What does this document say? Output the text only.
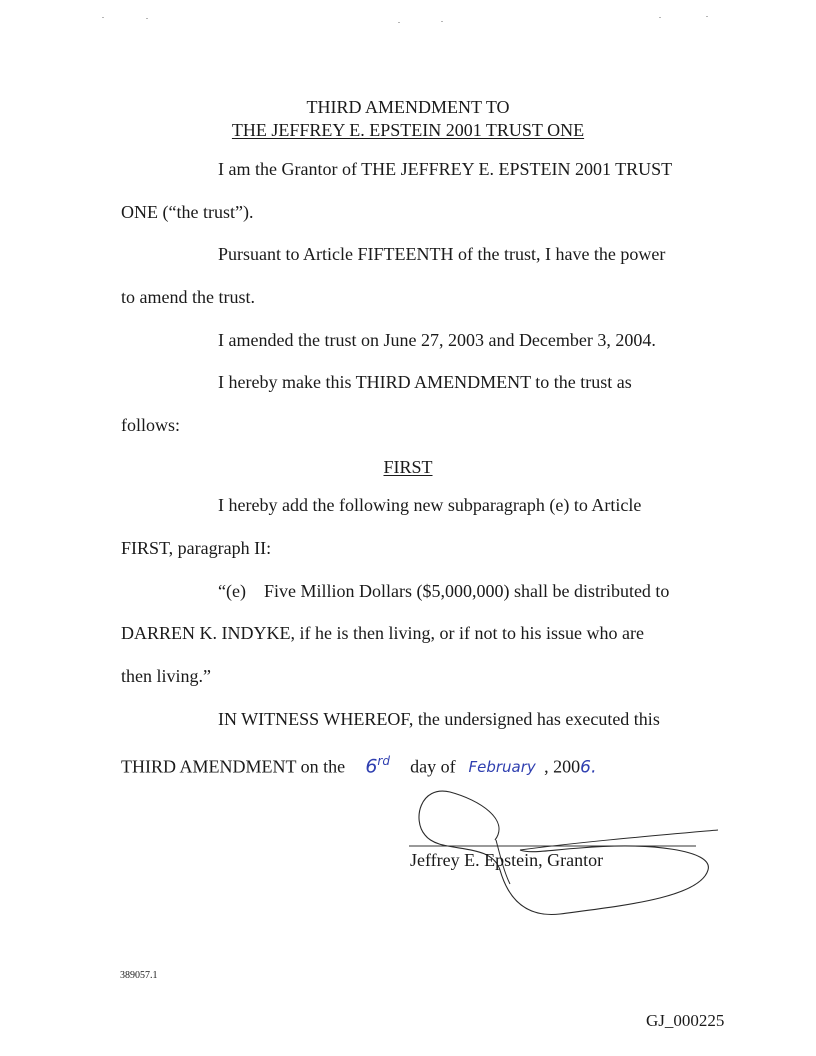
THIRD AMENDMENT TO
THE JEFFREY E. EPSTEIN 2001 TRUST ONE
I am the Grantor of THE JEFFREY E. EPSTEIN 2001 TRUST
ONE (“the trust”).
Pursuant to Article FIFTEENTH of the trust, I have the power
to amend the trust.
I amended the trust on June 27, 2003 and December 3, 2004.
I hereby make this THIRD AMENDMENT to the trust as
follows:
FIRST
I hereby add the following new subparagraph (e) to Article
FIRST, paragraph II:
“(e)    Five Million Dollars ($5,000,000) shall be distributed to
DARREN K. INDYKE, if he is then living, or if not to his issue who are
then living.”
IN WITNESS WHEREOF, the undersigned has executed this
THIRD AMENDMENT on the 6rd day of February , 2006.
Jeffrey E. Epstein, Grantor
389057.1
GJ_000225
